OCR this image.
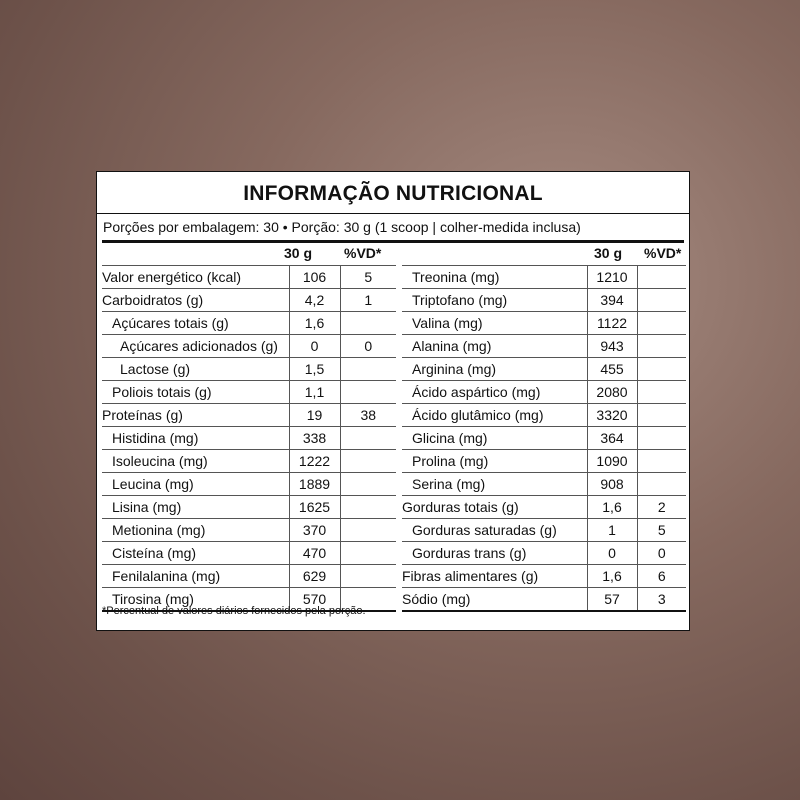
INFORMAÇÃO NUTRICIONAL
Porções por embalagem: 30 • Porção: 30 g (1 scoop | colher-medida inclusa)
30 g %VD*	30 g %VD*
Valor energético (kcal)	106	5
Carboidratos (g)	4,2	1
Açúcares totais (g)	1,6	
Açúcares adicionados (g)	0	0
Lactose (g)	1,5	
Poliois totais (g)	1,1	
Proteínas (g)	19	38
Histidina (mg)	338	
Isoleucina (mg)	1222	
Leucina (mg)	1889	
Lisina (mg)	1625	
Metionina (mg)	370	
Cisteína (mg)	470	
Fenilalanina (mg)	629	
Tirosina (mg)	570	
Treonina (mg)	1210	
Triptofano (mg)	394	
Valina (mg)	1122	
Alanina (mg)	943	
Arginina (mg)	455	
Ácido aspártico (mg)	2080	
Ácido glutâmico (mg)	3320	
Glicina (mg)	364	
Prolina (mg)	1090	
Serina (mg)	908	
Gorduras totais (g)	1,6	2
Gorduras saturadas (g)	1	5
Gorduras trans (g)	0	0
Fibras alimentares (g)	1,6	6
Sódio (mg)	57	3
*Percentual de valores diários fornecidos pela porção.
